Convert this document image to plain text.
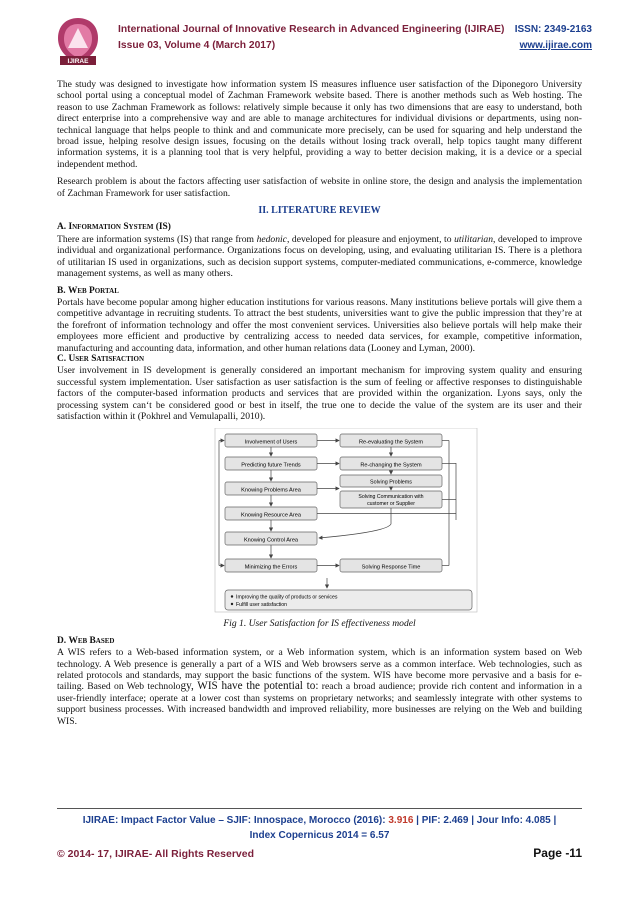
IJIRAE
International Journal of Innovative Research in Advanced Engineering (IJIRAE) ISSN: 2349-2163
Issue 03, Volume 4 (March 2017)	www.ijirae.com

The study was designed to investigate how information system IS measures influence user satisfaction of the Diponegoro University school portal using a conceptual model of Zachman Framework website based. There is another methods such as Web hosting. The reason to use Zachman Framework as follows: relatively simple because it only has two dimensions that are easy to understand, both direct enterprise into a comprehensive way and are able to manage architectures for individual divisions or departments, using non-technical language that helps people to think and and communicate more precisely, can be used for squaring and help understand the broad issue, helping resolve design issues, focusing on the details without losing track overall, help topics taught many different information systems, it is a planning tool that is very helpful, providing a way to better decision making, it is a device or a special independent method.

Research problem is about the factors affecting user satisfaction of website in online store, the design and analysis the implementation of Zachman Framework for user satisfaction.

II. LITERATURE REVIEW
A. Information System (IS)

There are information systems (IS) that range from hedonic, developed for pleasure and enjoyment, to utilitarian, developed to improve individual and organizational performance. Organizations focus on developing, using, and evaluating utilitarian IS. There is a plethora of utilitarian IS used in organizations, such as decision support systems, computer-mediated communications, e-commerce, knowledge management systems, as well as many others.

B. Web Portal

Portals have become popular among higher education institutions for various reasons. Many institutions believe portals will give them a competitive advantage in recruiting students. To attract the best students, universities want to give the public impression that they’re at the forefront of information technology and offer the most convenient services. Universities also believe portals will help make their employees more efficient and productive by centralizing access to needed data services, for example, competitive information, manufacturing and accounting data, information, and other human relations data (Looney and Lyman, 2000).

C. User Satisfaction

User involvement in IS development is generally considered an important mechanism for improving system quality and ensuring successful system implementation. User satisfaction as user satisfaction is the sum of feeling or affective responses to distinguishable factors of the computer-based information products and services that are provided within the organization. Lyons says, only the processing system can‘t be considered good or best in itself, the true one to decide the value of the system are its user and their satisfaction within it (Pokhrel and Vemulapalli, 2010).

Involvement of Users
Predicting future Trends
Knowing Problems Area
Knowing Resource Area
Knowing Control Area
Minimizing the Errors
Re-evaluating the System
Re-changing the System
Solving Problems
Solving Communication with
customer or Supplier
Solving Response Time
Improving the quality of products or services
Fulfill user satisfaction
Fig 1. User Satisfaction for IS effectiveness model
D. Web Based

A WIS refers to a Web-based information system, or a Web information system, which is an information system based on Web technology. A Web presence is generally a part of a WIS and Web browsers serve as a common interface. Web technologies, such as related protocols and standards, may support the basic functions of the system. WIS have become more pervasive and a basis for e-tailing. Based on Web technology, WIS have the potential to: reach a broad audience; provide rich content and information in a user-friendly interface; operate at a lower cost than systems on proprietary networks; and seamlessly integrate with other systems to support business processes. With increased bandwidth and improved reliability, more businesses are relying on the Web and building WIS.

IJIRAE: Impact Factor Value – SJIF: Innospace, Morocco (2016): 3.916 | PIF: 2.469 | Jour Info: 4.085 |
Index Copernicus 2014 = 6.57
© 2014- 17, IJIRAE- All Rights Reserved	Page -11
